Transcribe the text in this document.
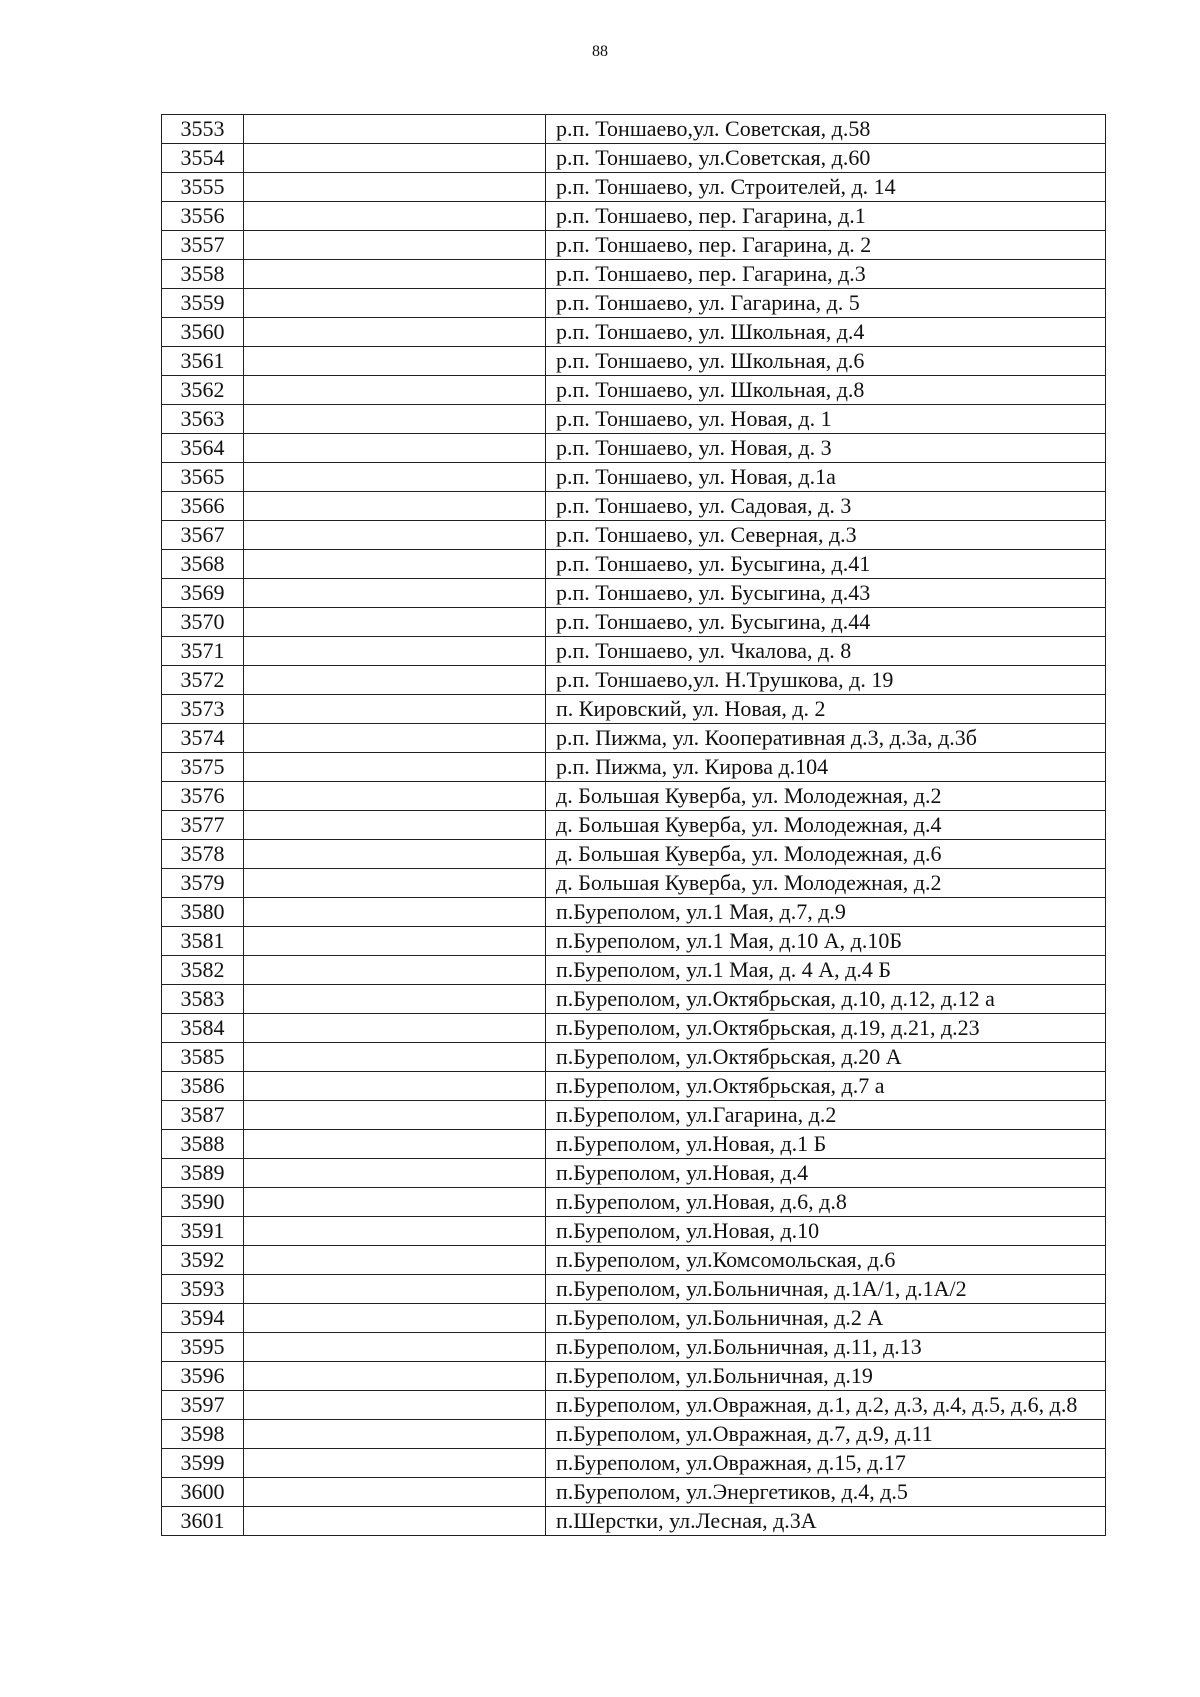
88
3553		р.п. Тоншаево,ул. Советская, д.58
3554		р.п. Тоншаево, ул.Советская, д.60
3555		р.п. Тоншаево, ул. Строителей, д. 14
3556		р.п. Тоншаево, пер. Гагарина, д.1
3557		р.п. Тоншаево, пер. Гагарина, д. 2
3558		р.п. Тоншаево, пер. Гагарина, д.3
3559		р.п. Тоншаево, ул. Гагарина, д. 5
3560		р.п. Тоншаево, ул. Школьная, д.4
3561		р.п. Тоншаево, ул. Школьная, д.6
3562		р.п. Тоншаево, ул. Школьная, д.8
3563		р.п. Тоншаево, ул. Новая, д. 1
3564		р.п. Тоншаево, ул. Новая, д. 3
3565		р.п. Тоншаево, ул. Новая, д.1а
3566		р.п. Тоншаево, ул. Садовая, д. 3
3567		р.п. Тоншаево, ул. Северная, д.3
3568		р.п. Тоншаево, ул. Бусыгина, д.41
3569		р.п. Тоншаево, ул. Бусыгина, д.43
3570		р.п. Тоншаево, ул. Бусыгина, д.44
3571		р.п. Тоншаево, ул. Чкалова, д. 8
3572		р.п. Тоншаево,ул. Н.Трушкова, д. 19
3573		п. Кировский, ул. Новая, д. 2
3574		р.п. Пижма, ул. Кооперативная д.3, д.3а, д.3б
3575		р.п. Пижма, ул. Кирова д.104
3576		д. Большая Куверба, ул. Молодежная, д.2
3577		д. Большая Куверба, ул. Молодежная, д.4
3578		д. Большая Куверба, ул. Молодежная, д.6
3579		д. Большая Куверба, ул. Молодежная, д.2
3580		п.Буреполом, ул.1 Мая, д.7, д.9
3581		п.Буреполом, ул.1 Мая, д.10 А, д.10Б
3582		п.Буреполом, ул.1 Мая, д. 4 А, д.4 Б
3583		п.Буреполом, ул.Октябрьская, д.10, д.12, д.12 а
3584		п.Буреполом, ул.Октябрьская, д.19, д.21, д.23
3585		п.Буреполом, ул.Октябрьская, д.20 А
3586		п.Буреполом, ул.Октябрьская, д.7 а
3587		п.Буреполом, ул.Гагарина, д.2
3588		п.Буреполом, ул.Новая, д.1 Б
3589		п.Буреполом, ул.Новая, д.4
3590		п.Буреполом, ул.Новая, д.6, д.8
3591		п.Буреполом, ул.Новая, д.10
3592		п.Буреполом, ул.Комсомольская, д.6
3593		п.Буреполом, ул.Больничная, д.1А/1, д.1А/2
3594		п.Буреполом, ул.Больничная, д.2 А
3595		п.Буреполом, ул.Больничная, д.11, д.13
3596		п.Буреполом, ул.Больничная, д.19
3597		п.Буреполом, ул.Овражная, д.1, д.2, д.3, д.4, д.5, д.6, д.8
3598		п.Буреполом, ул.Овражная, д.7, д.9, д.11
3599		п.Буреполом, ул.Овражная, д.15, д.17
3600		п.Буреполом, ул.Энергетиков, д.4, д.5
3601		п.Шерстки, ул.Лесная, д.3А
